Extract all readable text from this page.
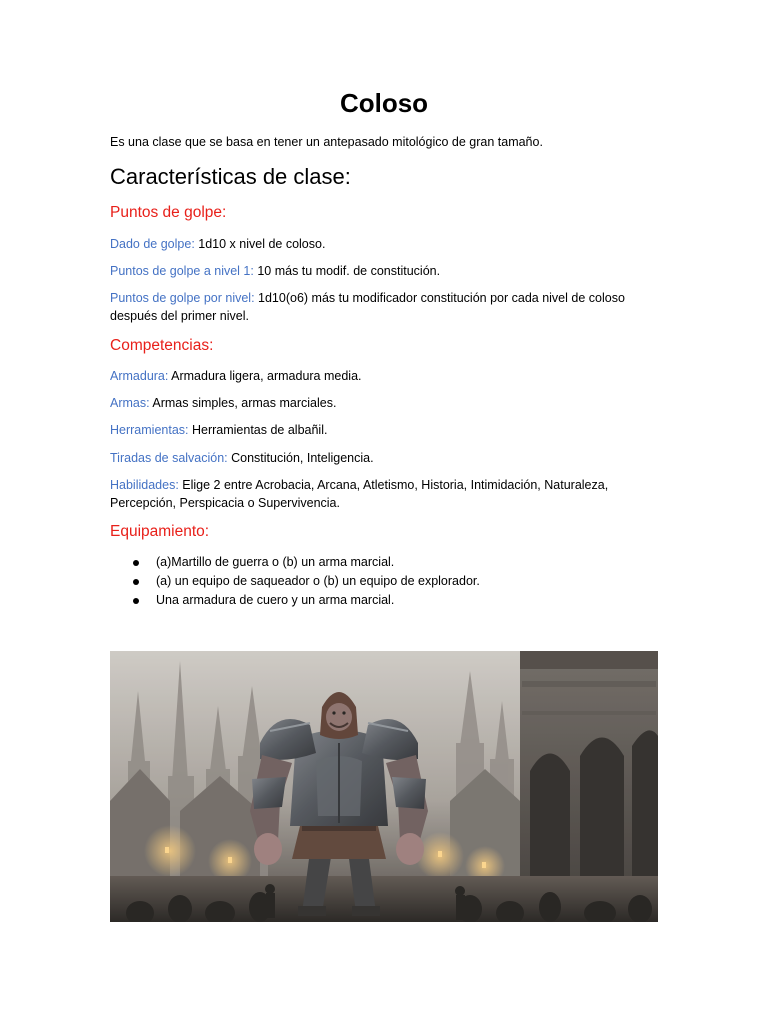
Coloso
Es una clase que se basa en tener un antepasado mitológico de gran tamaño.
Características de clase:
Puntos de golpe:
Dado de golpe: 1d10 x nivel de coloso.
Puntos de golpe a nivel 1: 10 más tu modif. de constitución.
Puntos de golpe por nivel: 1d10(o6) más tu modificador constitución por cada nivel de coloso después del primer nivel.
Competencias:
Armadura: Armadura ligera, armadura media.
Armas: Armas simples, armas marciales.
Herramientas: Herramientas de albañil.
Tiradas de salvación: Constitución, Inteligencia.
Habilidades: Elige 2 entre Acrobacia, Arcana, Atletismo, Historia, Intimidación, Naturaleza, Percepción, Perspicacia o Supervivencia.
Equipamiento:
(a)Martillo de guerra o (b) un arma marcial.
(a) un equipo de saqueador o (b) un equipo de explorador.
Una armadura de cuero y un arma marcial.
